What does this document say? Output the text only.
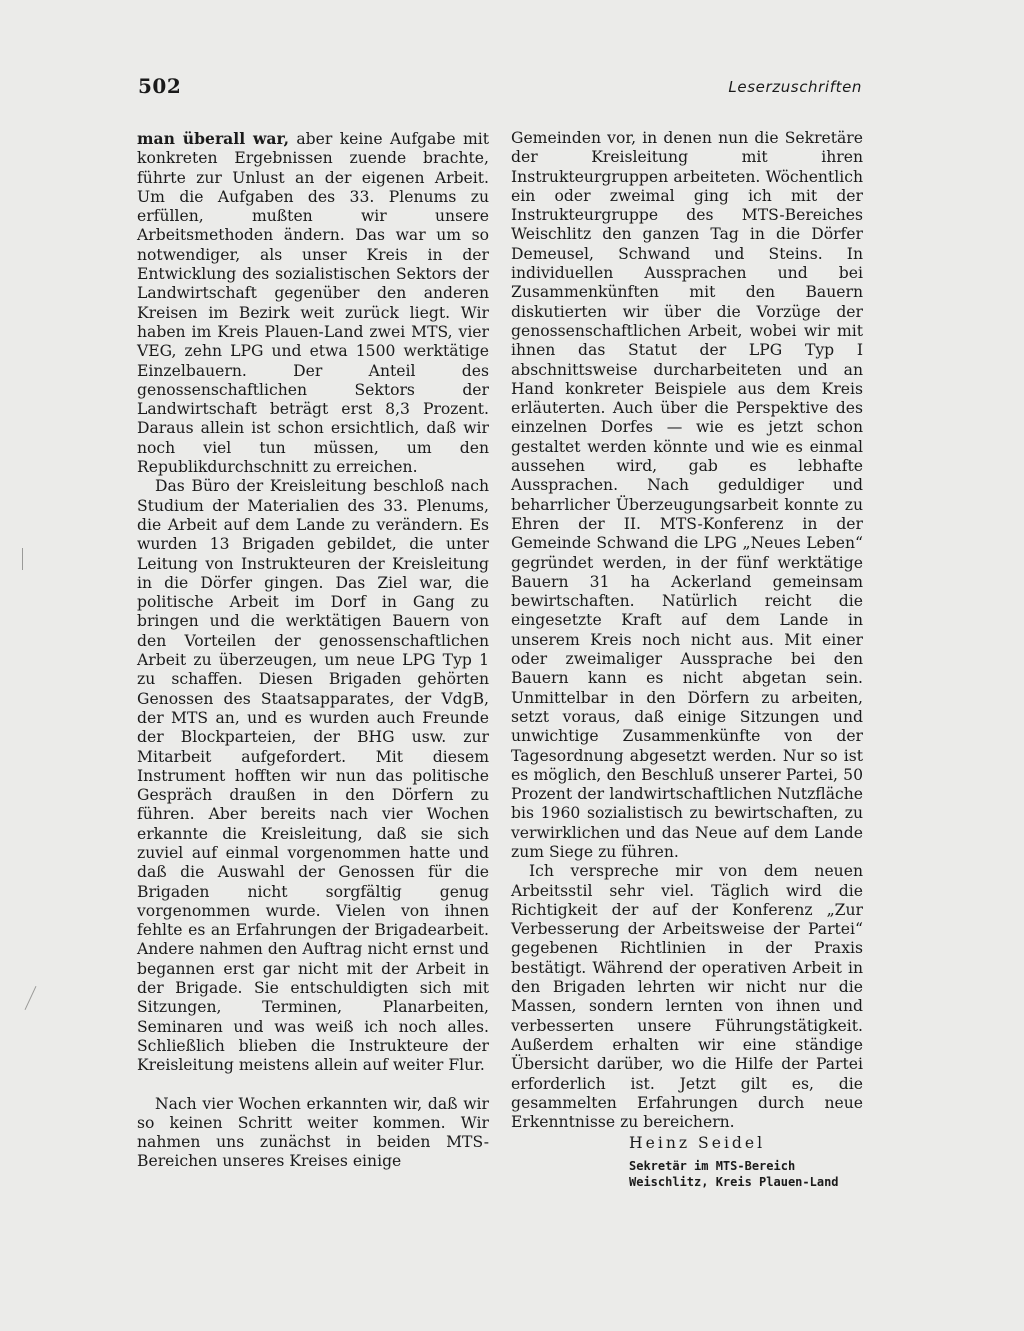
502	Leserzuschriften

man überall war, aber keine Aufgabe mit konkreten Ergebnissen zuende brachte, führte zur Unlust an der eigenen Arbeit. Um die Aufgaben des 33. Plenums zu erfüllen, mußten wir unsere Arbeitsmethoden ändern. Das war um so notwendiger, als unser Kreis in der Entwicklung des sozialistischen Sektors der Landwirtschaft gegenüber den anderen Kreisen im Bezirk weit zurück liegt. Wir haben im Kreis Plauen-Land zwei MTS, vier VEG, zehn LPG und etwa 1500 werktätige Einzelbauern. Der Anteil des genossenschaftlichen Sektors der Landwirtschaft beträgt erst 8,3 Prozent. Daraus allein ist schon ersichtlich, daß wir noch viel tun müssen, um den Republikdurchschnitt zu erreichen.

Das Büro der Kreisleitung beschloß nach Studium der Materialien des 33. Plenums, die Arbeit auf dem Lande zu verändern. Es wurden 13 Brigaden gebildet, die unter Leitung von Instrukteuren der Kreisleitung in die Dörfer gingen. Das Ziel war, die politische Arbeit im Dorf in Gang zu bringen und die werktätigen Bauern von den Vorteilen der genossenschaftlichen Arbeit zu überzeugen, um neue LPG Typ 1 zu schaffen. Diesen Brigaden gehörten Genossen des Staatsapparates, der VdgB, der MTS an, und es wurden auch Freunde der Blockparteien, der BHG usw. zur Mitarbeit aufgefordert. Mit diesem Instrument hofften wir nun das politische Gespräch draußen in den Dörfern zu führen. Aber bereits nach vier Wochen erkannte die Kreisleitung, daß sie sich zuviel auf einmal vorgenommen hatte und daß die Auswahl der Genossen für die Brigaden nicht sorgfältig genug vorgenommen wurde. Vielen von ihnen fehlte es an Erfahrungen der Brigadearbeit. Andere nahmen den Auftrag nicht ernst und begannen erst gar nicht mit der Arbeit in der Brigade. Sie entschuldigten sich mit Sitzungen, Terminen, Planarbeiten, Seminaren und was weiß ich noch alles. Schließlich blieben die Instrukteure der Kreisleitung meistens allein auf weiter Flur.

Nach vier Wochen erkannten wir, daß wir so keinen Schritt weiter kommen. Wir nahmen uns zunächst in beiden MTS-Bereichen unseres Kreises einige

Gemeinden vor, in denen nun die Sekretäre der Kreisleitung mit ihren Instrukteurgruppen arbeiteten. Wöchentlich ein oder zweimal ging ich mit der Instrukteurgruppe des MTS-Bereiches Weischlitz den ganzen Tag in die Dörfer Demeusel, Schwand und Steins. In individuellen Aussprachen und bei Zusammenkünften mit den Bauern diskutierten wir über die Vorzüge der genossenschaftlichen Arbeit, wobei wir mit ihnen das Statut der LPG Typ I abschnittsweise durcharbeiteten und an Hand konkreter Beispiele aus dem Kreis erläuterten. Auch über die Perspektive des einzelnen Dorfes — wie es jetzt schon gestaltet werden könnte und wie es einmal aussehen wird, gab es lebhafte Aussprachen. Nach geduldiger und beharrlicher Überzeugungsarbeit konnte zu Ehren der II. MTS-Konferenz in der Gemeinde Schwand die LPG „Neues Leben“ gegründet werden, in der fünf werktätige Bauern 31 ha Ackerland gemeinsam bewirtschaften. Natürlich reicht die eingesetzte Kraft auf dem Lande in unserem Kreis noch nicht aus. Mit einer oder zweimaliger Aussprache bei den Bauern kann es nicht abgetan sein. Unmittelbar in den Dörfern zu arbeiten, setzt voraus, daß einige Sitzungen und unwichtige Zusammenkünfte von der Tagesordnung abgesetzt werden. Nur so ist es möglich, den Beschluß unserer Partei, 50 Prozent der landwirtschaftlichen Nutzfläche bis 1960 sozialistisch zu bewirtschaften, zu verwirklichen und das Neue auf dem Lande zum Siege zu führen.

Ich verspreche mir von dem neuen Arbeitsstil sehr viel. Täglich wird die Richtigkeit der auf der Konferenz „Zur Verbesserung der Arbeitsweise der Partei“ gegebenen Richtlinien in der Praxis bestätigt. Während der operativen Arbeit in den Brigaden lehrten wir nicht nur die Massen, sondern lernten von ihnen und verbesserten unsere Führungstätigkeit. Außerdem erhalten wir eine ständige Übersicht darüber, wo die Hilfe der Partei erforderlich ist. Jetzt gilt es, die gesammelten Erfahrungen durch neue Erkenntnisse zu bereichern.

Heinz Seidel
Sekretär im MTS-Bereich
Weischlitz, Kreis Plauen-Land
